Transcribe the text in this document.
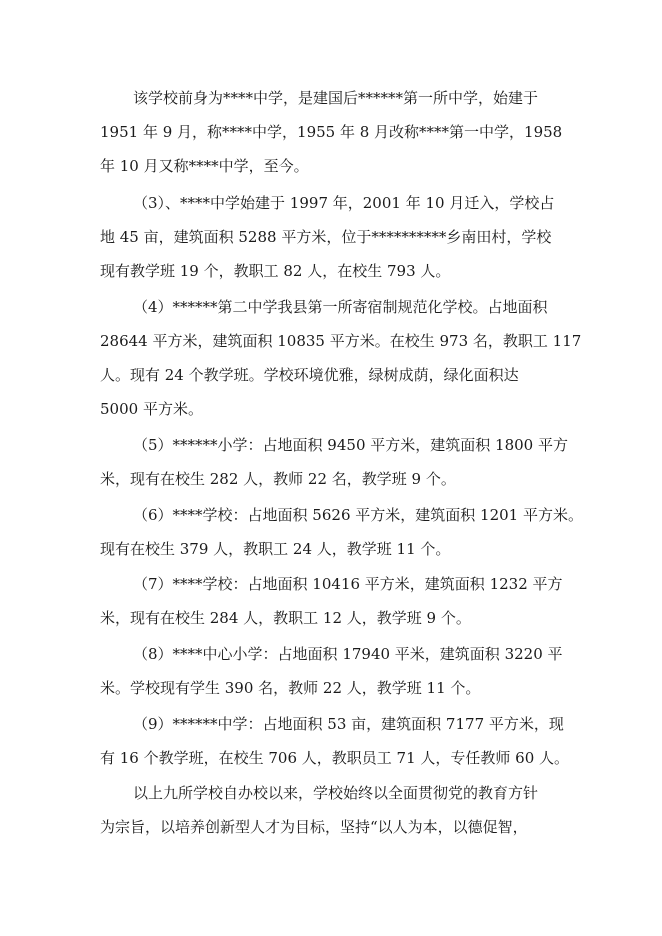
该学校前身为****中学，是建国后******第一所中学，始建于
1951 年 9 月，称****中学，1955 年 8 月改称****第一中学，1958
年 10 月又称****中学，至今。
（3）、****中学始建于 1997 年，2001 年 10 月迁入，学校占
地 45 亩，建筑面积 5288 平方米，位于**********乡南田村，学校
现有教学班 19 个，教职工 82 人，在校生 793 人。
（4）******第二中学我县第一所寄宿制规范化学校。占地面积
28644 平方米，建筑面积 10835 平方米。在校生 973 名，教职工 117
人。现有 24 个教学班。学校环境优雅，绿树成荫，绿化面积达
5000 平方米。
（5）******小学：占地面积 9450 平方米，建筑面积 1800 平方
米，现有在校生 282 人，教师 22 名，教学班 9 个。
（6）****学校：占地面积 5626 平方米，建筑面积 1201 平方米。
现有在校生 379 人，教职工 24 人，教学班 11 个。
（7）****学校：占地面积 10416 平方米，建筑面积 1232 平方
米，现有在校生 284 人，教职工 12 人，教学班 9 个。
（8）****中心小学：占地面积 17940 平米，建筑面积 3220 平
米。学校现有学生 390 名，教师 22 人，教学班 11 个。
（9）******中学：占地面积 53 亩，建筑面积 7177 平方米，现
有 16 个教学班，在校生 706 人，教职员工 71 人，专任教师 60 人。
以上九所学校自办校以来，学校始终以全面贯彻党的教育方针
为宗旨，以培养创新型人才为目标，坚持“以人为本，以德促智，
